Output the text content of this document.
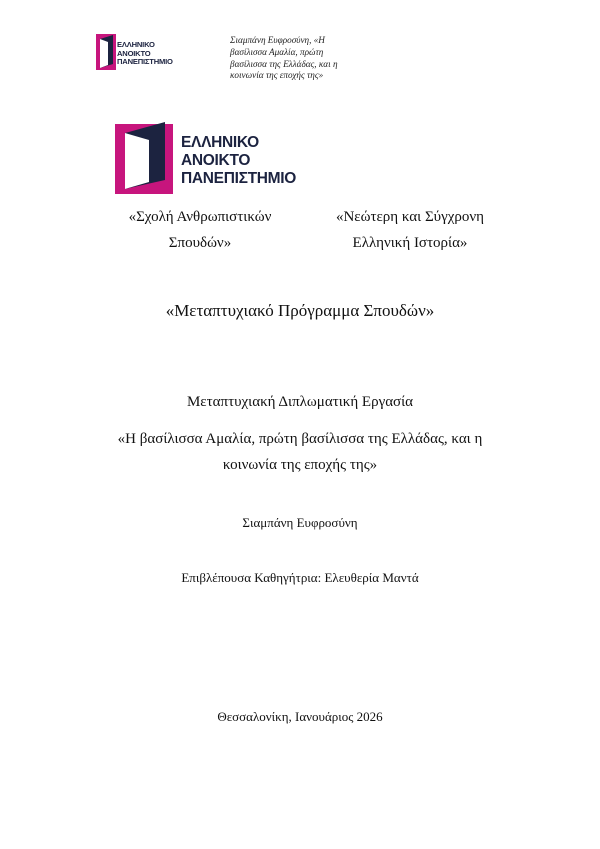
ΕΛΛΗΝΙΚΟ
ΑΝΟΙΚΤΟ
ΠΑΝΕΠΙΣΤΗΜΙΟ
Σιαμπάνη Ευφροσύνη, «Η
βασίλισσα Αμαλία, πρώτη
βασίλισσα της Ελλάδας, και η
κοινωνία της εποχής της»
ΕΛΛΗΝΙΚΟ
ΑΝΟΙΚΤΟ
ΠΑΝΕΠΙΣΤΗΜΙΟ
«Σχολή Ανθρωπιστικών
Σπουδών»
«Νεώτερη και Σύγχρονη
Ελληνική Ιστορία»
«Μεταπτυχιακό Πρόγραμμα Σπουδών»
Μεταπτυχιακή Διπλωματική Εργασία
«Η βασίλισσα Αμαλία, πρώτη βασίλισσα της Ελλάδας, και η
κοινωνία της εποχής της»
Σιαμπάνη Ευφροσύνη
Επιβλέπουσα Καθηγήτρια: Ελευθερία Μαντά
Θεσσαλονίκη, Ιανουάριος 2026
